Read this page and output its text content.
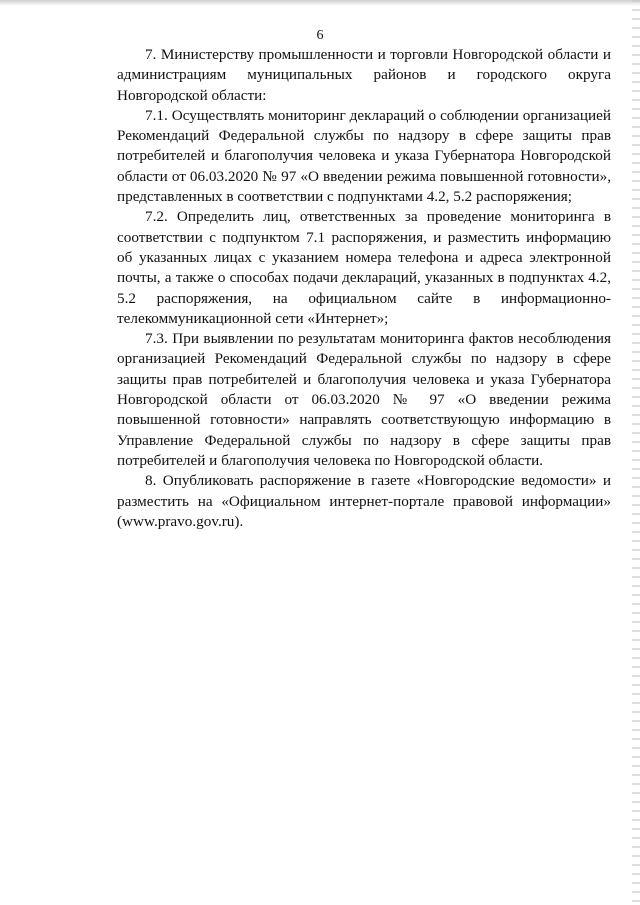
6

7. Министерству промышленности и торговли Новгородской области и администрациям муниципальных районов и городского округа Новгородской области:

7.1. Осуществлять мониторинг деклараций о соблюдении организацией Рекомендаций Федеральной службы по надзору в сфере защиты прав потребителей и благополучия человека и указа Губернатора Новгородской области от 06.03.2020 № 97 «О введении режима повышенной готовности», представленных в соответствии с подпунктами 4.2, 5.2 распоряжения;

7.2. Определить лиц, ответственных за проведение мониторинга в соответствии с подпунктом 7.1 распоряжения, и разместить информацию об указанных лицах с указанием номера телефона и адреса электронной почты, а также о способах подачи деклараций, указанных в подпунктах 4.2, 5.2 распоряжения, на официальном сайте в информационно-телекоммуникационной сети «Интернет»;

7.3. При выявлении по результатам мониторинга фактов несоблюдения организацией Рекомендаций Федеральной службы по надзору в сфере защиты прав потребителей и благополучия человека и указа Губернатора Новгородской области от 06.03.2020 № 97 «О введении режима повышенной готовности» направлять соответствующую информацию в Управление Федеральной службы по надзору в сфере защиты прав потребителей и благополучия человека по Новгородской области.

8. Опубликовать распоряжение в газете «Новгородские ведомости» и разместить на «Официальном интернет-портале правовой информации» (www.pravo.gov.ru).
